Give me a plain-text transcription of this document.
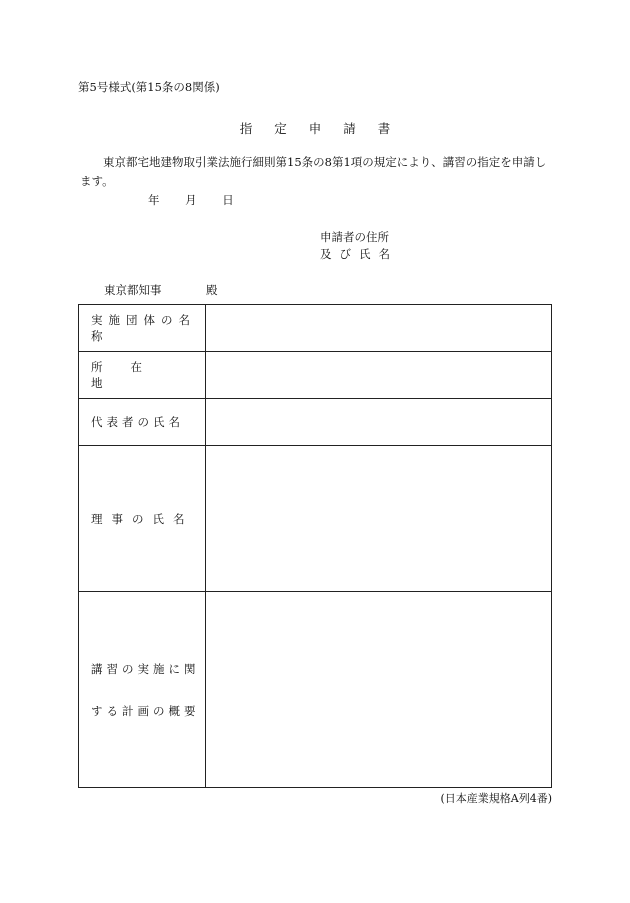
第5号様式(第15条の8関係)
指定申請書
東京都宅地建物取引業法施行細則第15条の8第1項の規定により、講習の指定を申請します。
年 月 日
申請者の住所
及び氏名
東京都知事	殿
実施団体の名称	
所在地	
代表者の氏名	
理事の氏名	

講習の実施に関
する計画の概要	

(日本産業規格A列4番)
